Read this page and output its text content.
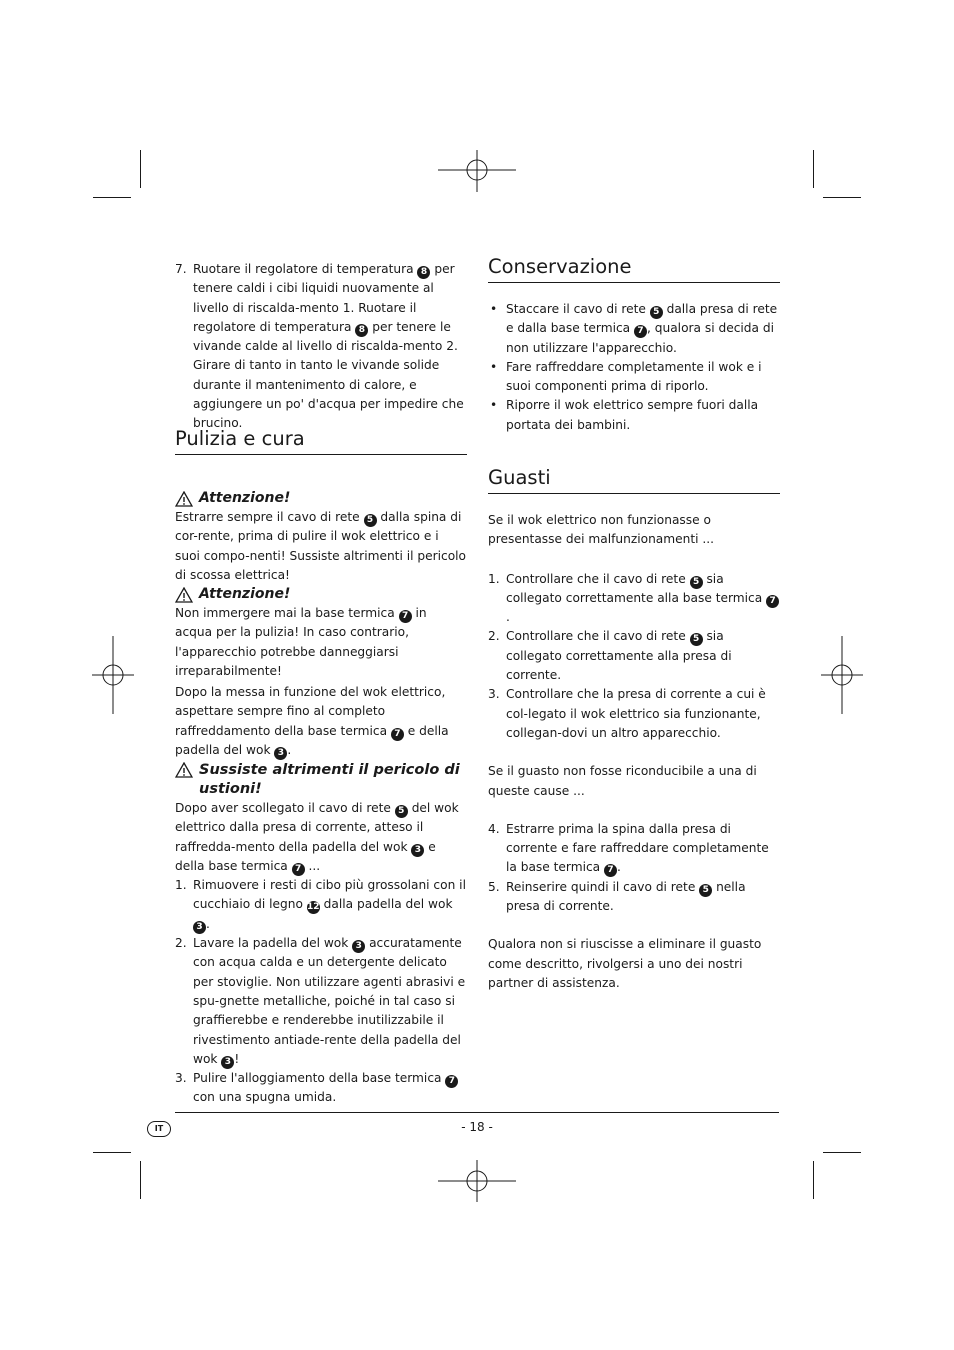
7. Ruotare il regolatore di temperatura 8 per tenere caldi i cibi liquidi nuovamente al livello di riscalda-mento 1. Ruotare il regolatore di temperatura 8 per tenere le vivande calde al livello di riscalda-mento 2. Girare di tanto in tanto le vivande solide durante il mantenimento di calore, e aggiungere un po' d'acqua per impedire che brucino.
Pulizia e cura
Attenzione!

Estrarre sempre il cavo di rete 5 dalla spina di cor-rente, prima di pulire il wok elettrico e i suoi compo-nenti! Sussiste altrimenti il pericolo di scossa elettrica!

Attenzione!

Non immergere mai la base termica 7 in acqua per la pulizia! In caso contrario, l'apparecchio potrebbe danneggiarsi irreparabilmente!

Dopo la messa in funzione del wok elettrico, aspettare sempre fino al completo raffreddamento della base termica 7 e della padella del wok 3 .

Sussiste altrimenti il pericolo di ustioni!

Dopo aver scollegato il cavo di rete 5 del wok elettrico dalla presa di corrente, atteso il raffredda-mento della padella del wok 3 e della base termica 7 ...

1. Rimuovere i resti di cibo più grossolani con il cucchiaio di legno 12 dalla padella del wok 3 .
2. Lavare la padella del wok 3 accuratamente con acqua calda e un detergente delicato per stoviglie. Non utilizzare agenti abrasivi e spu-gnette metalliche, poiché in tal caso si graffierebbe e renderebbe inutilizzabile il rivestimento antiade-rente della padella del wok 3 !
3. Pulire l'alloggiamento della base termica 7 con una spugna umida.
Conservazione
• Staccare il cavo di rete 5 dalla presa di rete e dalla base termica 7 , qualora si decida di non utilizzare l'apparecchio.
• Fare raffreddare completamente il wok e i suoi componenti prima di riporlo.
• Riporre il wok elettrico sempre fuori dalla portata dei bambini.
Guasti

Se il wok elettrico non funzionasse o presentasse dei malfunzionamenti ...

1. Controllare che il cavo di rete 5 sia collegato correttamente alla base termica 7.
2. Controllare che il cavo di rete 5 sia collegato correttamente alla presa di corrente.
3. Controllare che la presa di corrente a cui è col-legato il wok elettrico sia funzionante, collegan-dovi un altro apparecchio.

Se il guasto non fosse riconducibile a una di queste cause ...

4. Estrarre prima la spina dalla presa di corrente e fare raffreddare completamente la base termica 7 .
5. Reinserire quindi il cavo di rete 5 nella presa di corrente.

Qualora non si riuscisse a eliminare il guasto come descritto, rivolgersi a uno dei nostri partner di assistenza.

IT	- 18 -
